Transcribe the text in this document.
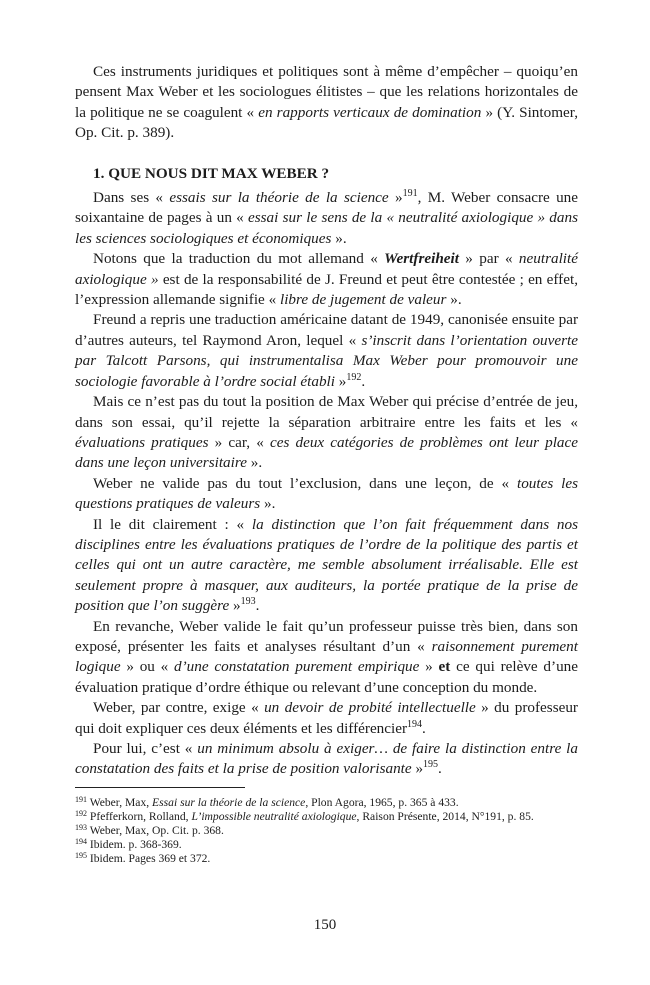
Ces instruments juridiques et politiques sont à même d’empêcher – quoiqu’en pensent Max Weber et les sociologues élitistes – que les relations horizontales de la politique ne se coagulent « en rapports verticaux de domination » (Y. Sintomer, Op. Cit. p. 389).

1. QUE NOUS DIT MAX WEBER ?

Dans ses « essais sur la théorie de la science »$^{191}$, M. Weber consacre une soixantaine de pages à un « essai sur le sens de la « neutralité axiologique » dans les sciences sociologiques et économiques ».

Notons que la traduction du mot allemand « Wertfreiheit » par « neutralité axiologique » est de la responsabilité de J. Freund et peut être contestée ; en effet, l’expression allemande signifie « libre de jugement de valeur ».

Freund a repris une traduction américaine datant de 1949, canonisée ensuite par d’autres auteurs, tel Raymond Aron, lequel « s’inscrit dans l’orientation ouverte par Talcott Parsons, qui instrumentalisa Max Weber pour promouvoir une sociologie favorable à l’ordre social établi »$^{192}$.

Mais ce n’est pas du tout la position de Max Weber qui précise d’entrée de jeu, dans son essai, qu’il rejette la séparation arbitraire entre les faits et les « évaluations pratiques » car, « ces deux catégories de problèmes ont leur place dans une leçon universitaire ».

Weber ne valide pas du tout l’exclusion, dans une leçon, de « toutes les questions pratiques de valeurs ».

Il le dit clairement : « la distinction que l’on fait fréquemment dans nos disciplines entre les évaluations pratiques de l’ordre de la politique des partis et celles qui ont un autre caractère, me semble absolument irréalisable. Elle est seulement propre à masquer, aux auditeurs, la portée pratique de la prise de position que l’on suggère »$^{193}$.

En revanche, Weber valide le fait qu’un professeur puisse très bien, dans son exposé, présenter les faits et analyses résultant d’un « raisonnement purement logique » ou « d’une constatation purement empirique » et ce qui relève d’une évaluation pratique d’ordre éthique ou relevant d’une conception du monde.

Weber, par contre, exige « un devoir de probité intellectuelle » du professeur qui doit expliquer ces deux éléments et les différencier$^{194}$.

Pour lui, c’est « un minimum absolu à exiger… de faire la distinction entre la constatation des faits et la prise de position valorisante »$^{195}$.

$^{191}$ Weber, Max, Essai sur la théorie de la science, Plon Agora, 1965, p. 365 à 433.
$^{192}$ Pfefferkorn, Rolland, L’impossible neutralité axiologique, Raison Présente, 2014, N°191, p. 85.
$^{193}$ Weber, Max, Op. Cit. p. 368.
$^{194}$ Ibidem. p. 368-369.
$^{195}$ Ibidem. Pages 369 et 372.
150
